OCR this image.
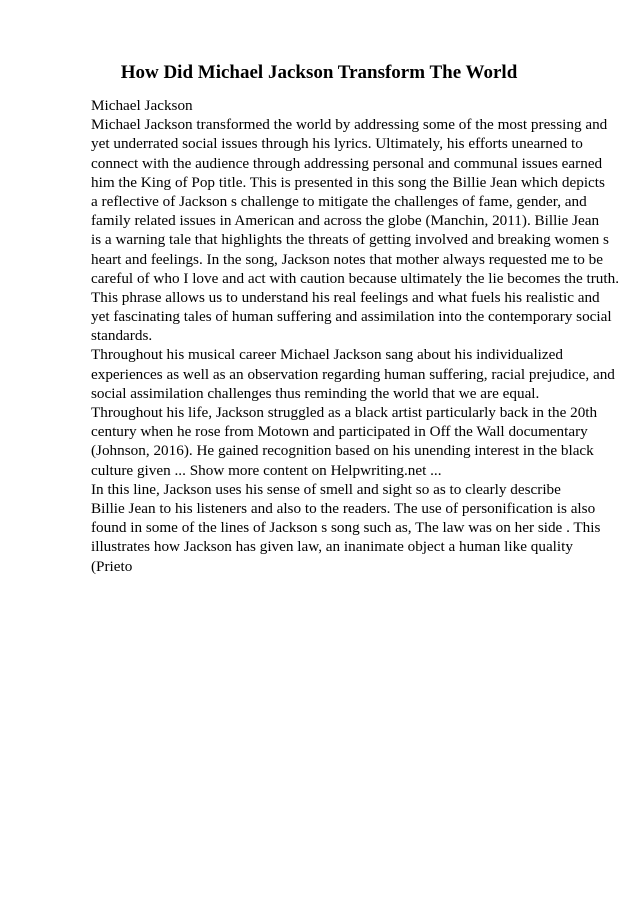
How Did Michael Jackson Transform The World
Michael Jackson
Michael Jackson transformed the world by addressing some of the most pressing and
yet underrated social issues through his lyrics. Ultimately, his efforts unearned to
connect with the audience through addressing personal and communal issues earned
him the King of Pop title. This is presented in this song the Billie Jean which depicts
a reflective of Jackson s challenge to mitigate the challenges of fame, gender, and
family related issues in American and across the globe (Manchin, 2011). Billie Jean
is a warning tale that highlights the threats of getting involved and breaking women s
heart and feelings. In the song, Jackson notes that mother always requested me to be
careful of who I love and act with caution because ultimately the lie becomes the truth.
This phrase allows us to understand his real feelings and what fuels his realistic and
yet fascinating tales of human suffering and assimilation into the contemporary social
standards.
Throughout his musical career Michael Jackson sang about his individualized
experiences as well as an observation regarding human suffering, racial prejudice, and
social assimilation challenges thus reminding the world that we are equal.
Throughout his life, Jackson struggled as a black artist particularly back in the 20th
century when he rose from Motown and participated in Off the Wall documentary
(Johnson, 2016). He gained recognition based on his unending interest in the black
culture given ... Show more content on Helpwriting.net ...
In this line, Jackson uses his sense of smell and sight so as to clearly describe
Billie Jean to his listeners and also to the readers. The use of personification is also
found in some of the lines of Jackson s song such as, The law was on her side . This
illustrates how Jackson has given law, an inanimate object a human like quality
(Prieto
